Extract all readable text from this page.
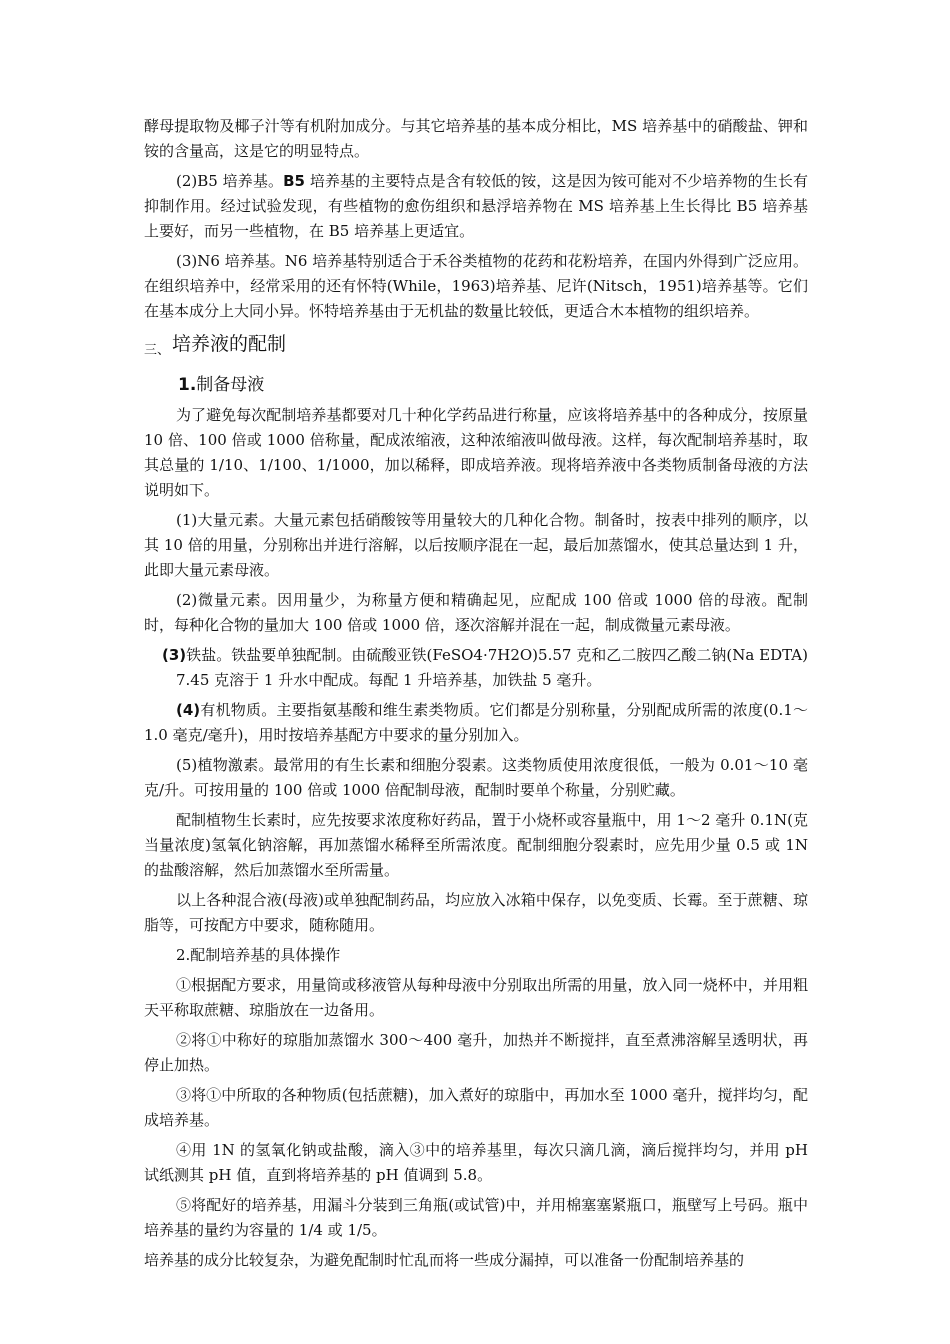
酵母提取物及椰子汁等有机附加成分。与其它培养基的基本成分相比，MS 培养基中的硝酸盐、钾和铵的含量高，这是它的明显特点。

(2)B5 培养基。B5 培养基的主要特点是含有较低的铵，这是因为铵可能对不少培养物的生长有抑制作用。经过试验发现，有些植物的愈伤组织和悬浮培养物在 MS 培养基上生长得比 B5 培养基上要好，而另一些植物，在 B5 培养基上更适宜。

(3)N6 培养基。N6 培养基特别适合于禾谷类植物的花药和花粉培养，在国内外得到广泛应用。在组织培养中，经常采用的还有怀特(While，1963)培养基、尼许(Nitsch，1951)培养基等。它们在基本成分上大同小异。怀特培养基由于无机盐的数量比较低，更适合木本植物的组织培养。

$_{三、}$ 培养液的配制
1.制备母液

为了避免每次配制培养基都要对几十种化学药品进行称量，应该将培养基中的各种成分，按原量 10 倍、100 倍或 1000 倍称量，配成浓缩液，这种浓缩液叫做母液。这样，每次配制培养基时，取其总量的 1/10、1/100、1/1000，加以稀释，即成培养液。现将培养液中各类物质制备母液的方法说明如下。

(1)大量元素。大量元素包括硝酸铵等用量较大的几种化合物。制备时，按表中排列的顺序，以其 10 倍的用量，分别称出并进行溶解，以后按顺序混在一起，最后加蒸馏水，使其总量达到 1 升，此即大量元素母液。

(2)微量元素。因用量少，为称量方便和精确起见，应配成 100 倍或 1000 倍的母液。配制时，每种化合物的量加大 100 倍或 1000 倍，逐次溶解并混在一起，制成微量元素母液。

(3)铁盐。铁盐要单独配制。由硫酸亚铁(FeSO4·7H2O)5.57 克和乙二胺四乙酸二钠(Na EDTA)7.45 克溶于 1 升水中配成。每配 1 升培养基，加铁盐 5 毫升。

(4)有机物质。主要指氨基酸和维生素类物质。它们都是分别称量，分别配成所需的浓度(0.1～1.0 毫克/毫升)，用时按培养基配方中要求的量分别加入。

(5)植物激素。最常用的有生长素和细胞分裂素。这类物质使用浓度很低，一般为 0.01～10 毫克/升。可按用量的 100 倍或 1000 倍配制母液，配制时要单个称量，分别贮藏。

配制植物生长素时，应先按要求浓度称好药品，置于小烧杯或容量瓶中，用 1～2 毫升 0.1N(克当量浓度)氢氧化钠溶解，再加蒸馏水稀释至所需浓度。配制细胞分裂素时，应先用少量 0.5 或 1N 的盐酸溶解，然后加蒸馏水至所需量。

以上各种混合液(母液)或单独配制药品，均应放入冰箱中保存，以免变质、长霉。至于蔗糖、琼脂等，可按配方中要求，随称随用。

2.配制培养基的具体操作

①根据配方要求，用量筒或移液管从每种母液中分别取出所需的用量，放入同一烧杯中，并用粗天平称取蔗糖、琼脂放在一边备用。

②将①中称好的琼脂加蒸馏水 300～400 毫升，加热并不断搅拌，直至煮沸溶解呈透明状，再停止加热。

③将①中所取的各种物质(包括蔗糖)，加入煮好的琼脂中，再加水至 1000 毫升，搅拌均匀，配成培养基。

④用 1N 的氢氧化钠或盐酸，滴入③中的培养基里，每次只滴几滴，滴后搅拌均匀，并用 pH 试纸测其 pH 值，直到将培养基的 pH 值调到 5.8。

⑤将配好的培养基，用漏斗分装到三角瓶(或试管)中，并用棉塞塞紧瓶口，瓶壁写上号码。瓶中培养基的量约为容量的 1/4 或 1/5。

培养基的成分比较复杂，为避免配制时忙乱而将一些成分漏掉，可以准备一份配制培养基的
